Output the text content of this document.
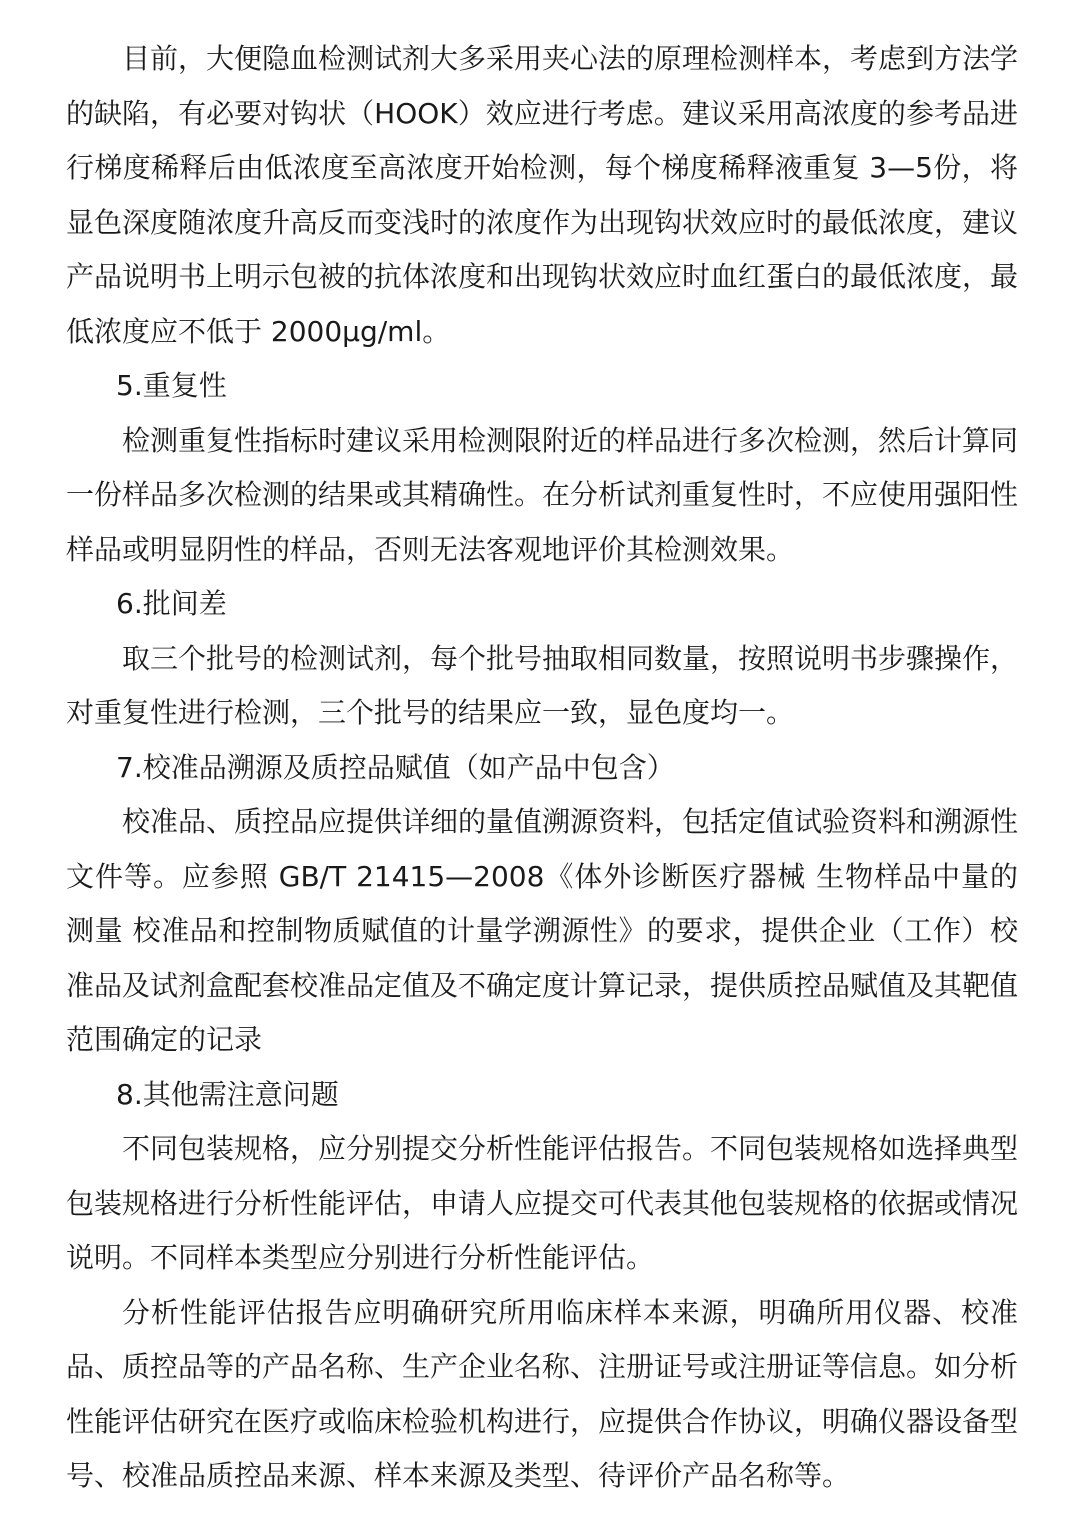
目前，大便隐血检测试剂大多采用夹心法的原理检测样本，考虑到方法学的缺陷，有必要对钩状（HOOK）效应进行考虑。建议采用高浓度的参考品进行梯度稀释后由低浓度至高浓度开始检测，每个梯度稀释液重复 3—5份，将显色深度随浓度升高反而变浅时的浓度作为出现钩状效应时的最低浓度，建议产品说明书上明示包被的抗体浓度和出现钩状效应时血红蛋白的最低浓度，最低浓度应不低于 2000μg/ml。

5.重复性

检测重复性指标时建议采用检测限附近的样品进行多次检测，然后计算同一份样品多次检测的结果或其精确性。在分析试剂重复性时，不应使用强阳性样品或明显阴性的样品，否则无法客观地评价其检测效果。

6.批间差

取三个批号的检测试剂，每个批号抽取相同数量，按照说明书步骤操作，对重复性进行检测，三个批号的结果应一致，显色度均一。

7.校准品溯源及质控品赋值（如产品中包含）

校准品、质控品应提供详细的量值溯源资料，包括定值试验资料和溯源性文件等。应参照 GB/T 21415—2008《体外诊断医疗器械 生物样品中量的测量 校准品和控制物质赋值的计量学溯源性》的要求，提供企业（工作）校准品及试剂盒配套校准品定值及不确定度计算记录，提供质控品赋值及其靶值范围确定的记录

8.其他需注意问题

不同包装规格，应分别提交分析性能评估报告。不同包装规格如选择典型包装规格进行分析性能评估，申请人应提交可代表其他包装规格的依据或情况说明。不同样本类型应分别进行分析性能评估。

分析性能评估报告应明确研究所用临床样本来源，明确所用仪器、校准品、质控品等的产品名称、生产企业名称、注册证号或注册证等信息。如分析性能评估研究在医疗或临床检验机构进行，应提供合作协议，明确仪器设备型号、校准品质控品来源、样本来源及类型、待评价产品名称等。
